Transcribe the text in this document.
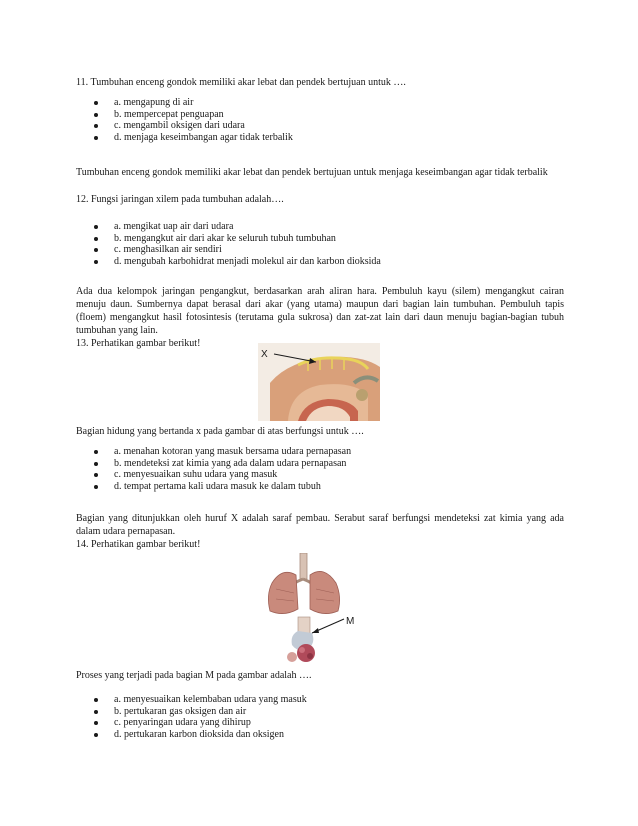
11. Tumbuhan enceng gondok memiliki akar lebat dan pendek bertujuan untuk ….
a. mengapung di air
b. mempercepat penguapan
c. mengambil oksigen dari udara
d. menjaga keseimbangan agar tidak terbalik
Tumbuhan enceng gondok memiliki akar lebat dan pendek bertujuan untuk menjaga keseimbangan agar tidak terbalik
12. Fungsi jaringan xilem pada tumbuhan adalah….
a. mengikat uap air dari udara
b. mengangkut air dari akar ke seluruh tubuh tumbuhan
c. menghasilkan air sendiri
d. mengubah karbohidrat menjadi molekul air dan karbon dioksida
Ada dua kelompok jaringan pengangkut, berdasarkan arah aliran hara. Pembuluh kayu (silem) mengangkut cairan menuju daun. Sumbernya dapat berasal dari akar (yang utama) maupun dari bagian lain tumbuhan. Pembuluh tapis (floem) mengangkut hasil fotosintesis (terutama gula sukrosa) dan zat-zat lain dari daun menuju bagian-bagian tubuh tumbuhan yang lain.
13. Perhatikan gambar berikut!
X
Bagian hidung yang bertanda x pada gambar di atas berfungsi untuk ….
a. menahan kotoran yang masuk bersama udara pernapasan
b. mendeteksi zat kimia yang ada dalam udara pernapasan
c. menyesuaikan suhu udara yang masuk
d. tempat pertama kali udara masuk ke dalam tubuh
Bagian yang ditunjukkan oleh huruf X adalah saraf pembau. Serabut saraf berfungsi mendeteksi zat kimia yang ada dalam udara pernapasan.
14. Perhatikan gambar berikut!
M
Proses yang terjadi pada bagian M pada gambar adalah ….
a. menyesuaikan kelembaban udara yang masuk
b. pertukaran gas oksigen dan air
c. penyaringan udara yang dihirup
d. pertukaran karbon dioksida dan oksigen
